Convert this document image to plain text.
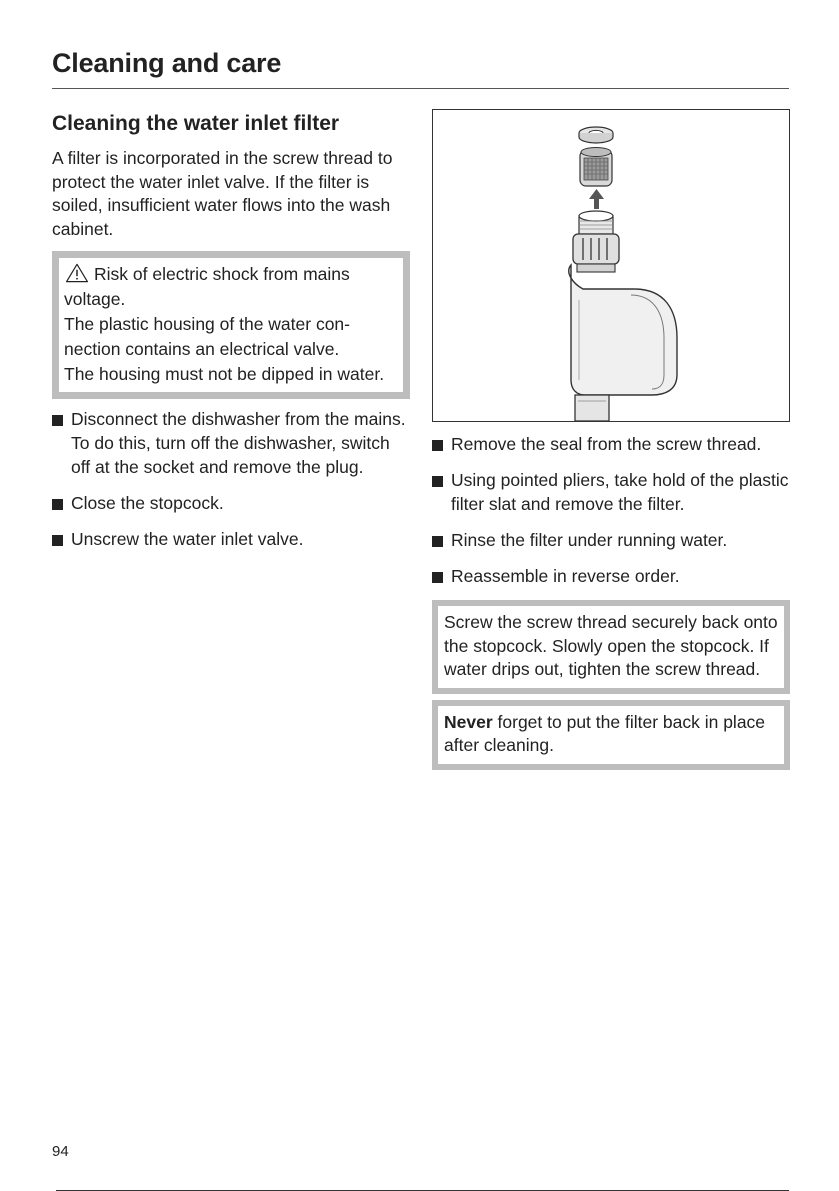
Cleaning and care
Cleaning the water inlet filter

A filter is incorporated in the screw thread to protect the water inlet valve. If the filter is soiled, insufficient water flows into the wash cabinet.

Risk of electric shock from mains voltage.

The plastic housing of the water con-nection contains an electrical valve.

The housing must not be dipped in water.

Disconnect the dishwasher from the mains.
To do this, turn off the dishwasher, switch off at the socket and remove the plug.
Close the stopcock.
Unscrew the water inlet valve.
Remove the seal from the screw thread.
Using pointed pliers, take hold of the plastic filter slat and remove the filter.
Rinse the filter under running water.
Reassemble in reverse order.

Screw the screw thread securely back onto the stopcock. Slowly open the stopcock. If water drips out, tighten the screw thread.

Never forget to put the filter back in place after cleaning.

94
